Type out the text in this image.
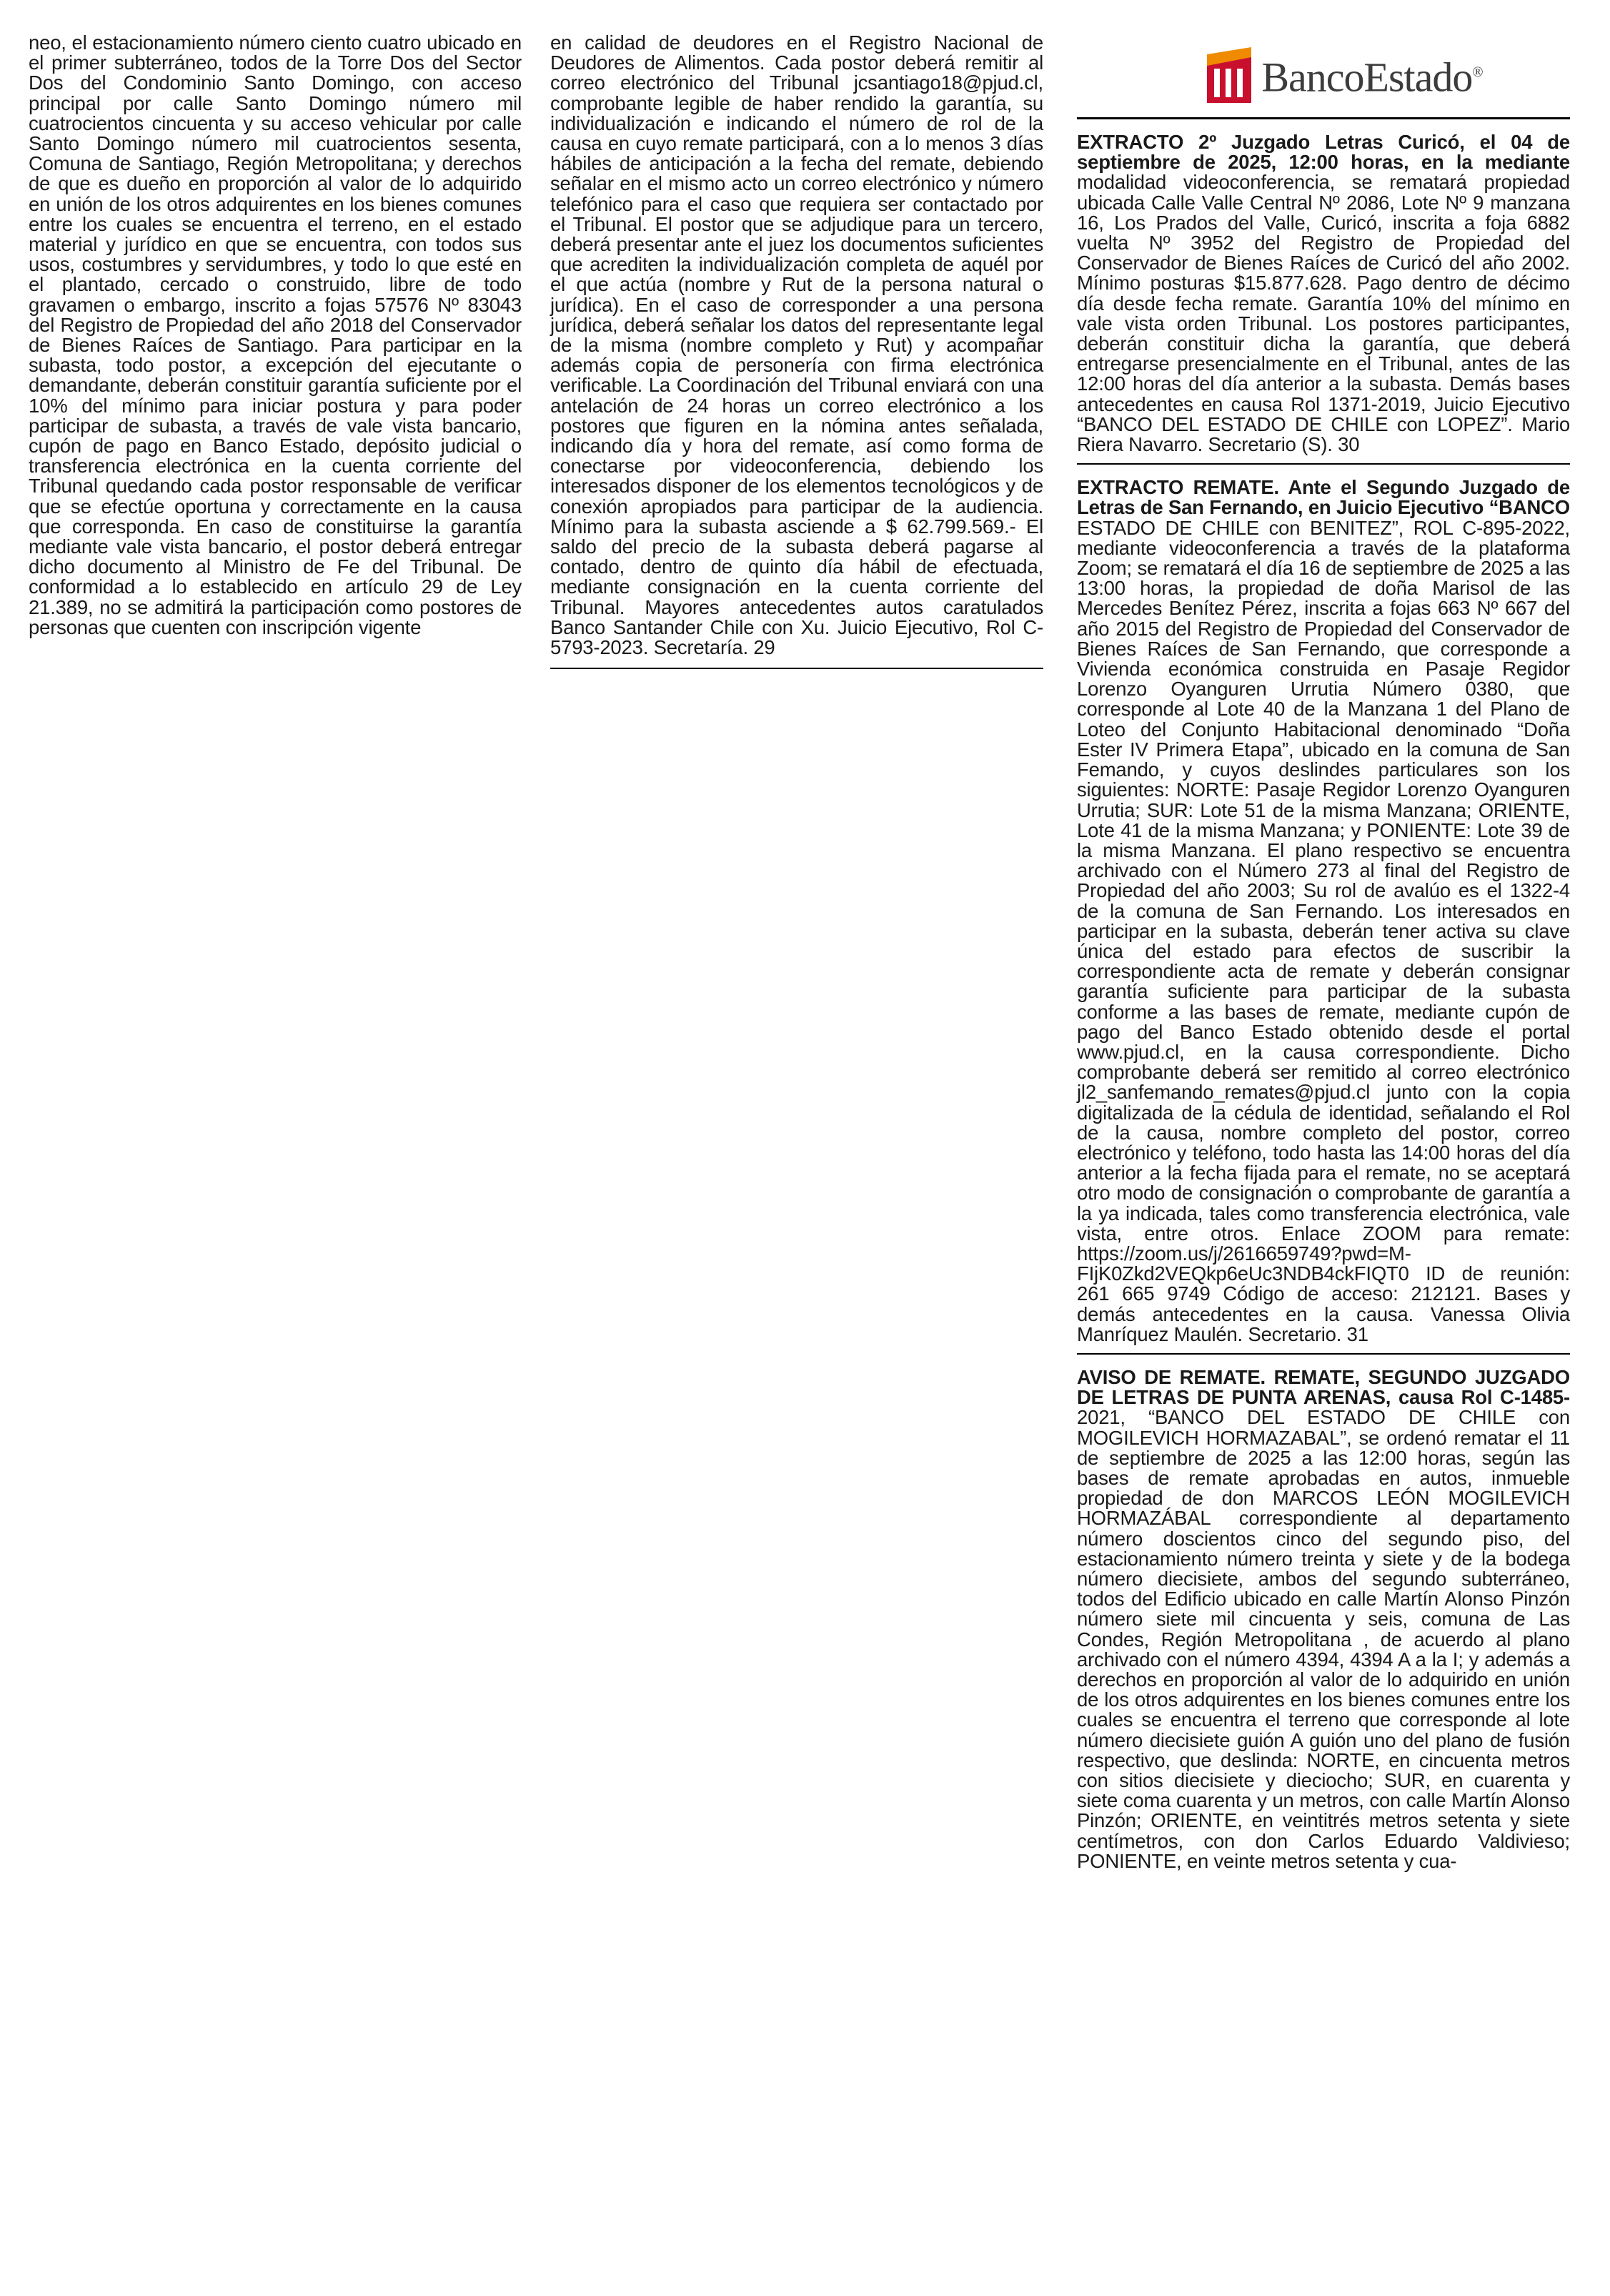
neo, el estacionamiento número ciento cuatro ubicado en el primer subterráneo, todos de la Torre Dos del Sector Dos del Condominio Santo Domingo, con acceso principal por calle Santo Domingo número mil cuatrocientos cincuenta y su acceso vehicular por calle Santo Domingo número mil cuatrocientos sesenta, Comuna de Santiago, Región Metropolitana; y derechos de que es dueño en proporción al valor de lo adquirido en unión de los otros adquirentes en los bienes comunes entre los cuales se encuentra el terreno, en el estado material y jurídico en que se encuentra, con todos sus usos, costumbres y servidumbres, y todo lo que esté en el plantado, cercado o construido, libre de todo gravamen o embargo, inscrito a fojas 57576 Nº 83043 del Registro de Propiedad del año 2018 del Conservador de Bienes Raíces de Santiago. Para participar en la subasta, todo postor, a excepción del ejecutante o demandante, deberán constituir garantía suficiente por el 10% del mínimo para iniciar postura y para poder participar de subasta, a través de vale vista bancario, cupón de pago en Banco Estado, depósito judicial o transferencia electrónica en la cuenta corriente del Tribunal quedando cada postor responsable de verificar que se efectúe oportuna y correctamente en la causa que corresponda. En caso de constituirse la garantía mediante vale vista bancario, el postor deberá entregar dicho documento al Ministro de Fe del Tribunal. De conformidad a lo establecido en artículo 29 de Ley 21.389, no se admitirá la participación como postores de personas que cuenten con inscripción vigente

en calidad de deudores en el Registro Nacional de Deudores de Alimentos. Cada postor deberá remitir al correo electrónico del Tribunal jcsantiago18@pjud.cl, comprobante legible de haber rendido la garantía, su individualización e indicando el número de rol de la causa en cuyo remate participará, con a lo menos 3 días hábiles de anticipación a la fecha del remate, debiendo señalar en el mismo acto un correo electrónico y número telefónico para el caso que requiera ser contactado por el Tribunal. El postor que se adjudique para un tercero, deberá presentar ante el juez los documentos suficientes que acrediten la individualización completa de aquél por el que actúa (nombre y Rut de la persona natural o jurídica). En el caso de corresponder a una persona jurídica, deberá señalar los datos del representante legal de la misma (nombre completo y Rut) y acompañar además copia de personería con firma electrónica verificable. La Coordinación del Tribunal enviará con una antelación de 24 horas un correo electrónico a los postores que figuren en la nómina antes señalada, indicando día y hora del remate, así como forma de conectarse por videoconferencia, debiendo los interesados disponer de los elementos tecnológicos y de conexión apropiados para participar de la audiencia. Mínimo para la subasta asciende a $ 62.799.569.- El saldo del precio de la subasta deberá pagarse al contado, dentro de quinto día hábil de efectuada, mediante consignación en la cuenta corriente del Tribunal. Mayores antecedentes autos caratulados Banco Santander Chile con Xu. Juicio Ejecutivo, Rol C-5793-2023. Secretaría. 29

BancoEstado®

EXTRACTO 2º Juzgado Letras Curicó, el 04 de septiembre de 2025, 12:00 horas, en la mediante modalidad videoconferencia, se rematará propiedad ubicada Calle Valle Central Nº 2086, Lote Nº 9 manzana 16, Los Prados del Valle, Curicó, inscrita a foja 6882 vuelta Nº 3952 del Registro de Propiedad del Conservador de Bienes Raíces de Curicó del año 2002. Mínimo posturas $15.877.628. Pago dentro de décimo día desde fecha remate. Garantía 10% del mínimo en vale vista orden Tribunal. Los postores participantes, deberán constituir dicha la garantía, que deberá entregarse presencialmente en el Tribunal, antes de las 12:00 horas del día anterior a la subasta. Demás bases antecedentes en causa Rol 1371-2019, Juicio Ejecutivo “BANCO DEL ESTADO DE CHILE con LOPEZ”. Mario Riera Navarro. Secretario (S). 30

EXTRACTO REMATE. Ante el Segundo Juzgado de Letras de San Fernando, en Juicio Ejecutivo “BANCO ESTADO DE CHILE con BENITEZ”, ROL C-895-2022, mediante videoconferencia a través de la plataforma Zoom; se rematará el día 16 de septiembre de 2025 a las 13:00 horas, la propiedad de doña Marisol de las Mercedes Benítez Pérez, inscrita a fojas 663 Nº 667 del año 2015 del Registro de Propiedad del Conservador de Bienes Raíces de San Fernando, que corresponde a Vivienda económica construida en Pasaje Regidor Lorenzo Oyanguren Urrutia Número 0380, que corresponde al Lote 40 de la Manzana 1 del Plano de Loteo del Conjunto Habitacional denominado “Doña Ester IV Primera Etapa”, ubicado en la comuna de San Femando, y cuyos deslindes particulares son los siguientes: NORTE: Pasaje Regidor Lorenzo Oyanguren Urrutia; SUR: Lote 51 de la misma Manzana; ORIENTE, Lote 41 de la misma Manzana; y PONIENTE: Lote 39 de la misma Manzana. El plano respectivo se encuentra archivado con el Número 273 al final del Registro de Propiedad del año 2003; Su rol de avalúo es el 1322-4 de la comuna de San Fernando. Los interesados en participar en la subasta, deberán tener activa su clave única del estado para efectos de suscribir la correspondiente acta de remate y deberán consignar garantía suficiente para participar de la subasta conforme a las bases de remate, mediante cupón de pago del Banco Estado obtenido desde el portal www.pjud.cl, en la causa correspondiente. Dicho comprobante deberá ser remitido al correo electrónico jl2_sanfemando_remates@pjud.cl junto con la copia digitalizada de la cédula de identidad, señalando el Rol de la causa, nombre completo del postor, correo electrónico y teléfono, todo hasta las 14:00 horas del día anterior a la fecha fijada para el remate, no se aceptará otro modo de consignación o comprobante de garantía a la ya indicada, tales como transferencia electrónica, vale vista, entre otros. Enlace ZOOM para remate: https://zoom.us/j/2616659749?pwd=M-FIjK0Zkd2VEQkp6eUc3NDB4ckFIQT0 ID de reunión: 261 665 9749 Código de acceso: 212121. Bases y demás antecedentes en la causa. Vanessa Olivia Manríquez Maulén. Secretario. 31

AVISO DE REMATE. REMATE, SEGUNDO JUZGADO DE LETRAS DE PUNTA ARENAS, causa Rol C-1485-2021, “BANCO DEL ESTADO DE CHILE con MOGILEVICH HORMAZABAL”, se ordenó rematar el 11 de septiembre de 2025 a las 12:00 horas, según las bases de remate aprobadas en autos, inmueble propiedad de don MARCOS LEÓN MOGILEVICH HORMAZÁBAL correspondiente al departamento número doscientos cinco del segundo piso, del estacionamiento número treinta y siete y de la bodega número diecisiete, ambos del segundo subterráneo, todos del Edificio ubicado en calle Martín Alonso Pinzón número siete mil cincuenta y seis, comuna de Las Condes, Región Metropolitana , de acuerdo al plano archivado con el número 4394, 4394 A a la I; y además a derechos en proporción al valor de lo adquirido en unión de los otros adquirentes en los bienes comunes entre los cuales se encuentra el terreno que corresponde al lote número diecisiete guión A guión uno del plano de fusión respectivo, que deslinda: NORTE, en cincuenta metros con sitios diecisiete y dieciocho; SUR, en cuarenta y siete coma cuarenta y un metros, con calle Martín Alonso Pinzón; ORIENTE, en veintitrés metros setenta y siete centímetros, con don Carlos Eduardo Valdivieso; PONIENTE, en veinte metros setenta y cua-
